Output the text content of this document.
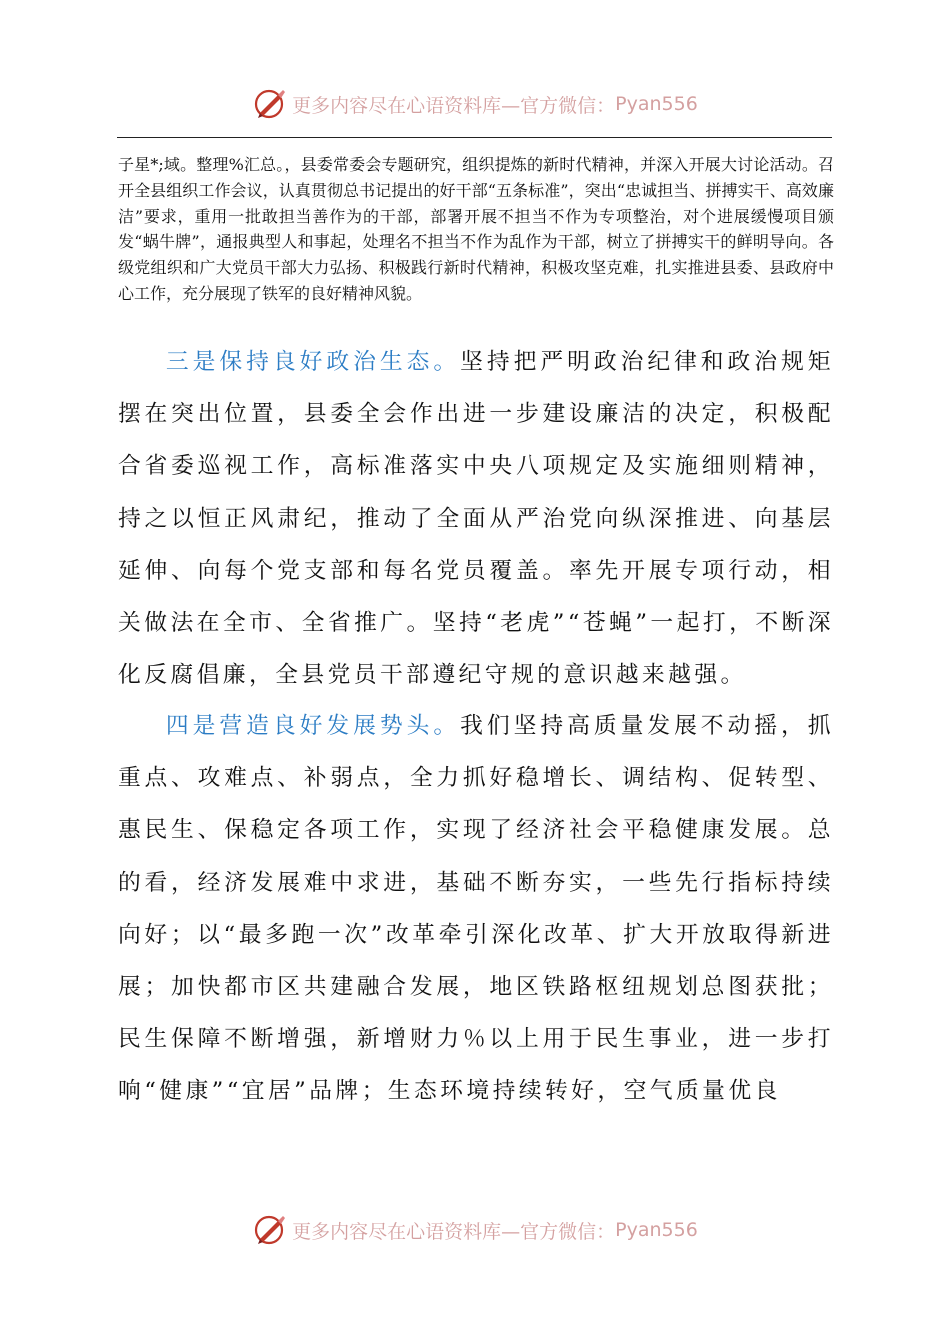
更多内容尽在心语资料库—官方微信： Pyan556

子星*;域。整理%汇总。，县委常委会专题研究，组织提炼的新时代精神，并深入开展大讨论活动。召开全县组织工作会议，认真贯彻总书记提出的好干部“五条标准”，突出“忠诚担当、拼搏实干、高效廉洁”要求，重用一批敢担当善作为的干部，部署开展不担当不作为专项整治，对个进展缓慢项目颁发“蜗牛牌”，通报典型人和事起，处理名不担当不作为乱作为干部，树立了拼搏实干的鲜明导向。各级党组织和广大党员干部大力弘扬、积极践行新时代精神，积极攻坚克难，扎实推进县委、县政府中心工作，充分展现了铁军的良好精神风貌。

三是保持良好政治生态。坚持把严明政治纪律和政治规矩摆在突出位置，县委全会作出进一步建设廉洁的决定，积极配合省委巡视工作，高标准落实中央八项规定及实施细则精神，持之以恒正风肃纪，推动了全面从严治党向纵深推进、向基层延伸、向每个党支部和每名党员覆盖。率先开展专项行动，相关做法在全市、全省推广。坚持“老虎”“苍蝇”一起打，不断深化反腐倡廉，全县党员干部遵纪守规的意识越来越强。

四是营造良好发展势头。我们坚持高质量发展不动摇，抓重点、攻难点、补弱点，全力抓好稳增长、调结构、促转型、惠民生、保稳定各项工作，实现了经济社会平稳健康发展。总的看，经济发展难中求进，基础不断夯实，一些先行指标持续向好；以“最多跑一次”改革牵引深化改革、扩大开放取得新进展；加快都市区共建融合发展，地区铁路枢纽规划总图获批；民生保障不断增强，新增财力％以上用于民生事业，进一步打响“健康”“宜居”品牌；生态环境持续转好，空气质量优良

更多内容尽在心语资料库—官方微信： Pyan556
